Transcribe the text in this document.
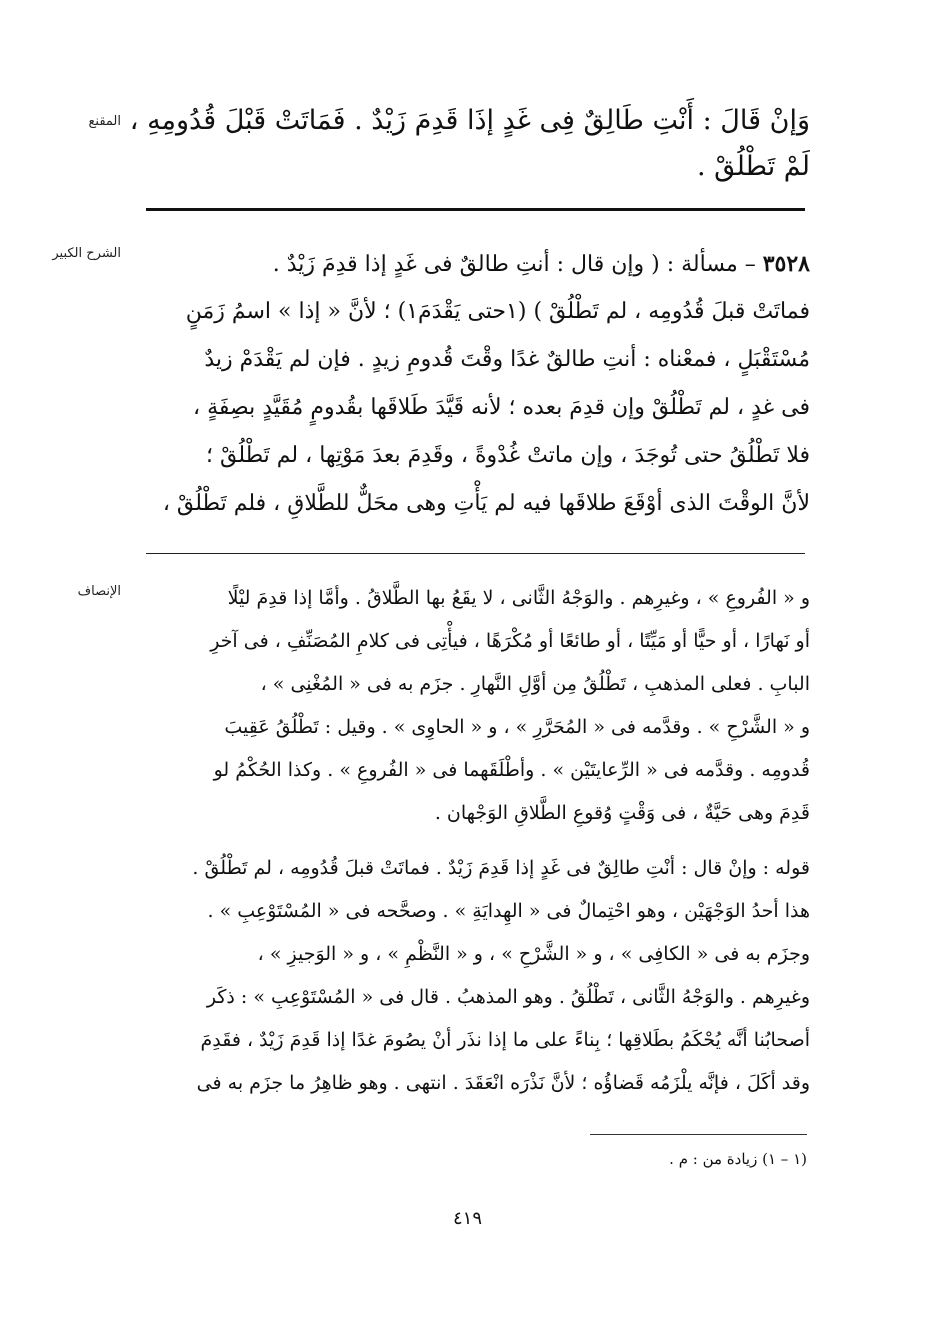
المقنع
الشرح الكبير
الإنصاف
وَإنْ قَالَ : أَنْتِ طَالِقٌ فِى غَدٍ إذَا قَدِمَ زَيْدٌ . فَمَاتَتْ قَبْلَ قُدُومِهِ ،
لَمْ تَطْلُقْ .
٣٥٢٨ – مسألة : ( وإن قال : أنتِ طالقٌ فى غَدٍ إذا قدِمَ زَيْدٌ .
فماتَتْ قبلَ قُدُومِه ، لم تَطْلُقْ ) (١حتى يَقْدَمَ١) ؛ لأنَّ « إذا » اسمُ زَمَنٍ
مُسْتَقْبَلٍ ، فمعْناه : أنتِ طالقٌ غدًا وقْتَ قُدومِ زيدٍ . فإن لم يَقْدَمْ زيدٌ
فى غدٍ ، لم تَطْلُقْ وإن قدِمَ بعده ؛ لأنه قَيَّدَ طَلاقَها بقُدومٍ مُقَيَّدٍ بصِفَةٍ ،
فلا تَطْلُقُ حتى تُوجَدَ ، وإن ماتتْ غُدْوةً ، وقَدِمَ بعدَ مَوْتِها ، لم تَطْلُقْ ؛
لأنَّ الوقْتَ الذى أوْقَعَ طلاقَها فيه لم يَأْتِ وهى محَلٌّ للطَّلاقِ ، فلم تَطْلُقْ ،
و « الفُروعِ » ، وغيرِهم . والوَجْهُ الثَّانى ، لا يقَعُ بها الطَّلاقُ . وأمَّا إذا قدِمَ ليْلًا
أو نَهارًا ، أو حيًّا أو مَيِّتًا ، أو طائعًا أو مُكْرَهًا ، فيأْتِى فى كلامِ المُصَنِّفِ ، فى آخرِ
البابِ . فعلى المذهبِ ، تَطْلُقُ مِن أوَّلِ النَّهارِ . جزَم به فى « المُغْنِى » ،
و « الشَّرْحِ » . وقدَّمه فى « المُحَرَّرِ » ، و « الحاوِى » . وقيل : تَطْلُقُ عَقِيبَ
قُدومِه . وقدَّمه فى « الرِّعايتَيْن » . وأطْلَقَهما فى « الفُروعِ » . وكذا الحُكْمُ لو
قَدِمَ وهى حَيَّةٌ ، فى وَقْتٍ وُقوعِ الطَّلاقِ الوَجْهان .
قوله : وإنْ قال : أنْتِ طالِقٌ فى غَدٍ إذا قَدِمَ زَيْدٌ . فماتَتْ قبلَ قُدُومِه ، لم تَطْلُقْ .
هذا أحدُ الوَجْهَيْن ، وهو احْتِمالٌ فى « الهِدايَةِ » . وصحَّحه فى « المُسْتَوْعِبِ » .
وجزَم به فى « الكافِى » ، و « الشَّرْحِ » ، و « النَّظْمِ » ، و « الوَجيزِ » ،
وغيرِهم . والوَجْهُ الثَّانى ، تَطْلُقُ . وهو المذهبُ . قال فى « المُسْتَوْعِبِ » : ذكَر
أصحابُنا أنَّه يُحْكَمُ بطَلاقِها ؛ بِناءً على ما إذا نذَر أنْ يصُومَ غدًا إذا قَدِمَ زَيْدٌ ، فقَدِمَ
وقد أكَلَ ، فإنَّه يلْزَمُه قَضاؤُه ؛ لأنَّ نَذْرَه انْعَقَدَ . انتهى . وهو ظاهِرُ ما جزَم به فى
(١ – ١) زيادة من : م .
٤١٩
